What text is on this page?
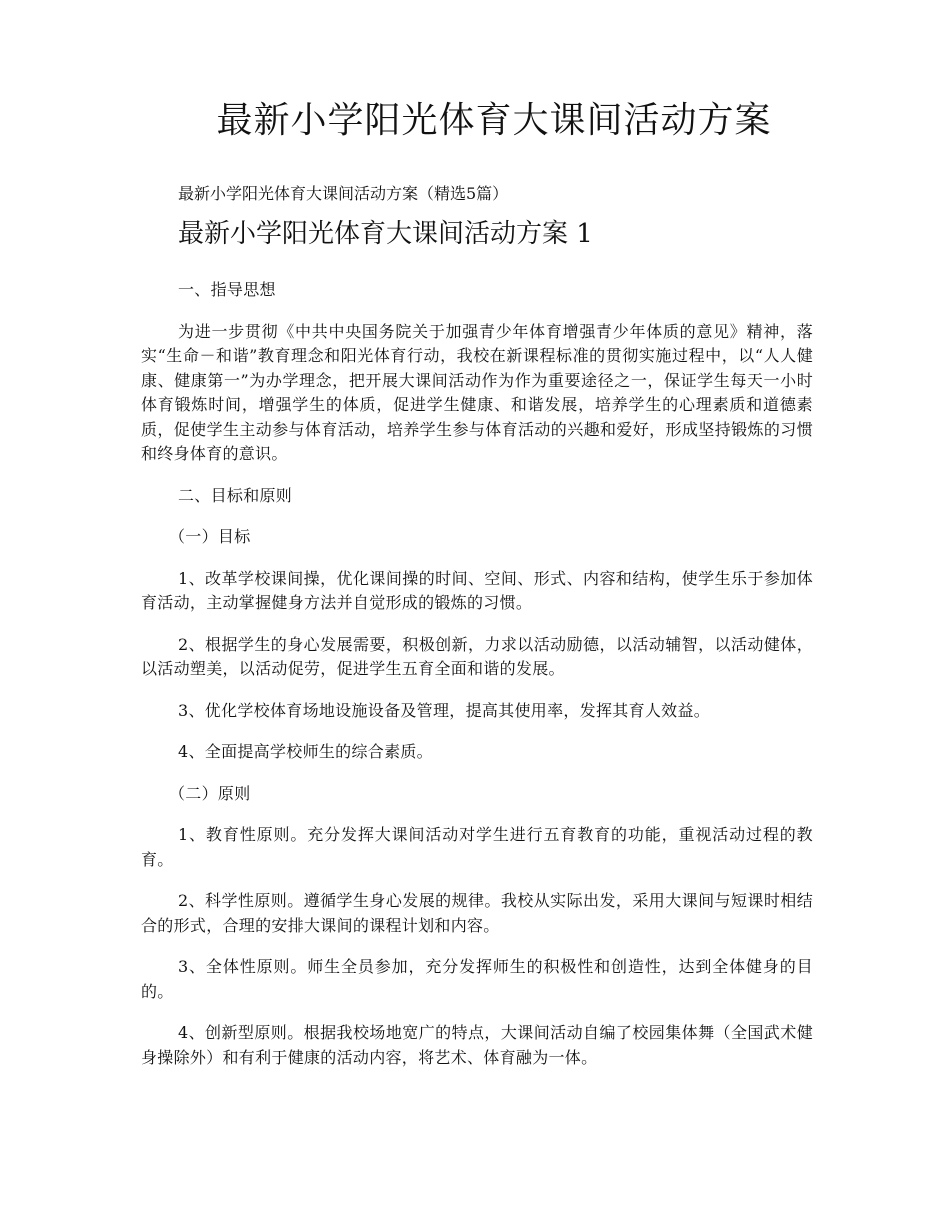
最新小学阳光体育大课间活动方案

最新小学阳光体育大课间活动方案（精选5篇）

最新小学阳光体育大课间活动方案 1

一、指导思想

为进一步贯彻《中共中央国务院关于加强青少年体育增强青少年体质的意见》精神，落实“生命－和谐”教育理念和阳光体育行动，我校在新课程标准的贯彻实施过程中，以“人人健康、健康第一”为办学理念，把开展大课间活动作为作为重要途径之一，保证学生每天一小时体育锻炼时间，增强学生的体质，促进学生健康、和谐发展，培养学生的心理素质和道德素质，促使学生主动参与体育活动，培养学生参与体育活动的兴趣和爱好，形成坚持锻炼的习惯和终身体育的意识。

二、目标和原则

（一）目标

1、改革学校课间操，优化课间操的时间、空间、形式、内容和结构，使学生乐于参加体育活动，主动掌握健身方法并自觉形成的锻炼的习惯。

2、根据学生的身心发展需要，积极创新，力求以活动励德，以活动辅智，以活动健体，以活动塑美，以活动促劳，促进学生五育全面和谐的发展。

3、优化学校体育场地设施设备及管理，提高其使用率，发挥其育人效益。

4、全面提高学校师生的综合素质。

（二）原则

1、教育性原则。充分发挥大课间活动对学生进行五育教育的功能，重视活动过程的教育。

2、科学性原则。遵循学生身心发展的规律。我校从实际出发，采用大课间与短课时相结合的形式，合理的安排大课间的课程计划和内容。

3、全体性原则。师生全员参加，充分发挥师生的积极性和创造性，达到全体健身的目的。

4、创新型原则。根据我校场地宽广的特点，大课间活动自编了校园集体舞（全国武术健身操除外）和有利于健康的活动内容，将艺术、体育融为一体。
